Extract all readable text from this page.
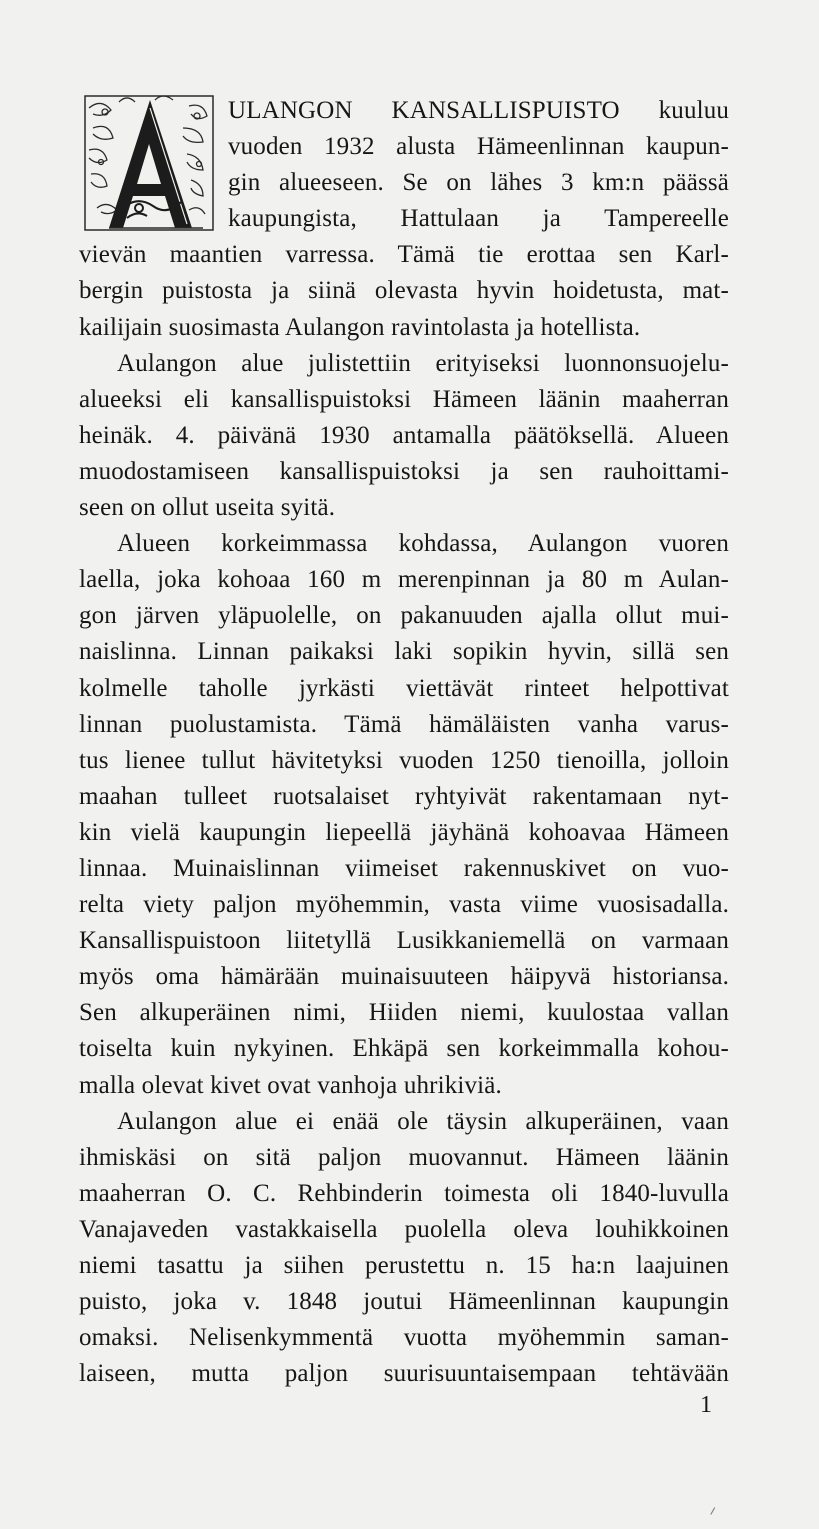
ULANGON KANSALLISPUISTO kuuluu
vuoden 1932 alusta Hämeenlinnan kaupun-
gin alueeseen. Se on lähes 3 km:n päässä
kaupungista, Hattulaan ja Tampereelle
vievän maantien varressa. Tämä tie erottaa sen Karl-
bergin puistosta ja siinä olevasta hyvin hoidetusta, mat-
kailijain suosimasta Aulangon ravintolasta ja hotellista.
Aulangon alue julistettiin erityiseksi luonnonsuojelu-
alueeksi eli kansallispuistoksi Hämeen läänin maaherran
heinäk. 4. päivänä 1930 antamalla päätöksellä. Alueen
muodostamiseen kansallispuistoksi ja sen rauhoittami-
seen on ollut useita syitä.
Alueen korkeimmassa kohdassa, Aulangon vuoren
laella, joka kohoaa 160 m merenpinnan ja 80 m Aulan-
gon järven yläpuolelle, on pakanuuden ajalla ollut mui-
naislinna. Linnan paikaksi laki sopikin hyvin, sillä sen
kolmelle taholle jyrkästi viettävät rinteet helpottivat
linnan puolustamista. Tämä hämäläisten vanha varus-
tus lienee tullut hävitetyksi vuoden 1250 tienoilla, jolloin
maahan tulleet ruotsalaiset ryhtyivät rakentamaan nyt-
kin vielä kaupungin liepeellä jäyhänä kohoavaa Hämeen
linnaa. Muinaislinnan viimeiset rakennuskivet on vuo-
relta viety paljon myöhemmin, vasta viime vuosisadalla.
Kansallispuistoon liitetyllä Lusikkaniemellä on varmaan
myös oma hämärään muinaisuuteen häipyvä historiansa.
Sen alkuperäinen nimi, Hiiden niemi, kuulostaa vallan
toiselta kuin nykyinen. Ehkäpä sen korkeimmalla kohou-
malla olevat kivet ovat vanhoja uhrikiviä.
Aulangon alue ei enää ole täysin alkuperäinen, vaan
ihmiskäsi on sitä paljon muovannut. Hämeen läänin
maaherran O. C. Rehbinderin toimesta oli 1840-luvulla
Vanajaveden vastakkaisella puolella oleva louhikkoinen
niemi tasattu ja siihen perustettu n. 15 ha:n laajuinen
puisto, joka v. 1848 joutui Hämeenlinnan kaupungin
omaksi. Nelisenkymmentä vuotta myöhemmin saman-
laiseen, mutta paljon suurisuuntaisempaan tehtävään
1
